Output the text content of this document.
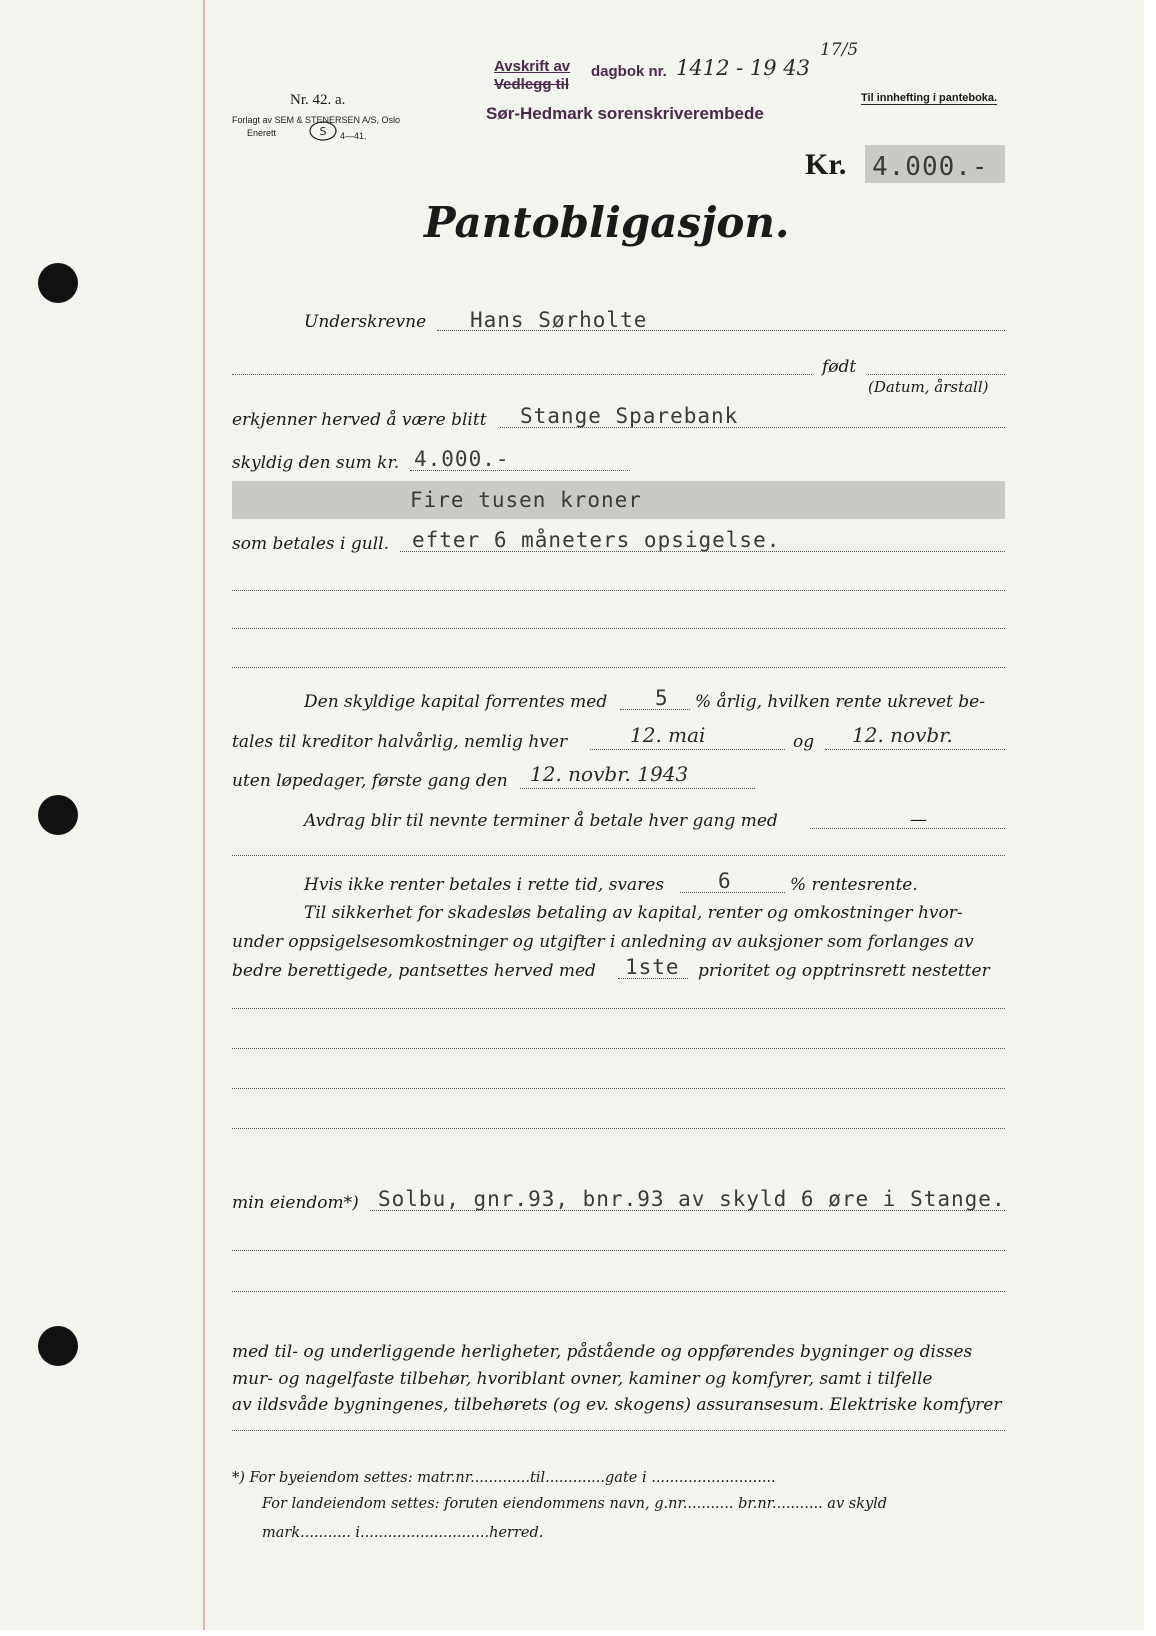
Nr. 42. a.
Forlagt av SEM & STENERSEN A/S, Oslo
Enerett	S 4—41.
Avskrift av
Vedlegg til
dagbok nr. 1412 - 19 43
17/5
Sør-Hedmark sorenskriverembede
Til innhefting i panteboka.
Kr. 4.000.-
Pantobligasjon.
Underskrevne Hans Sørholte
født
(Datum, årstall)
erkjenner herved å være blitt Stange Sparebank
skyldig den sum kr. 4.000.-
Fire tusen kroner
som betales i gull. efter 6 måneters opsigelse.
Den skyldige kapital forrentes med 5 % årlig, hvilken rente ukrevet be-
tales til kreditor halvårlig, nemlig hver	12. mai	og 12. novbr.
uten løpedager, første gang den 12. novbr. 1943
Avdrag blir til nevnte terminer å betale hver gang med	—
Hvis ikke renter betales i rette tid, svares	6	% rentesrente.
Til sikkerhet for skadesløs betaling av kapital, renter og omkostninger hvor-
under oppsigelsesomkostninger og utgifter i anledning av auksjoner som forlanges av
bedre berettigede, pantsettes herved med 1ste prioritet og opptrinsrett nestetter
min eiendom*) Solbu, gnr.93, bnr.93 av skyld 6 øre i Stange.
med til- og underliggende herligheter, påstående og oppførendes bygninger og disses
mur- og nagelfaste tilbehør, hvoriblant ovner, kaminer og komfyrer, samt i tilfelle
av ildsvåde bygningenes, tilbehørets (og ev. skogens) assuransesum. Elektriske komfyrer
*) For byeiendom settes: matr.nr.............til.............gate i ...........................
For landeiendom settes: foruten eiendommens navn, g.nr........... br.nr........... av skyld
mark........... i............................herred.
